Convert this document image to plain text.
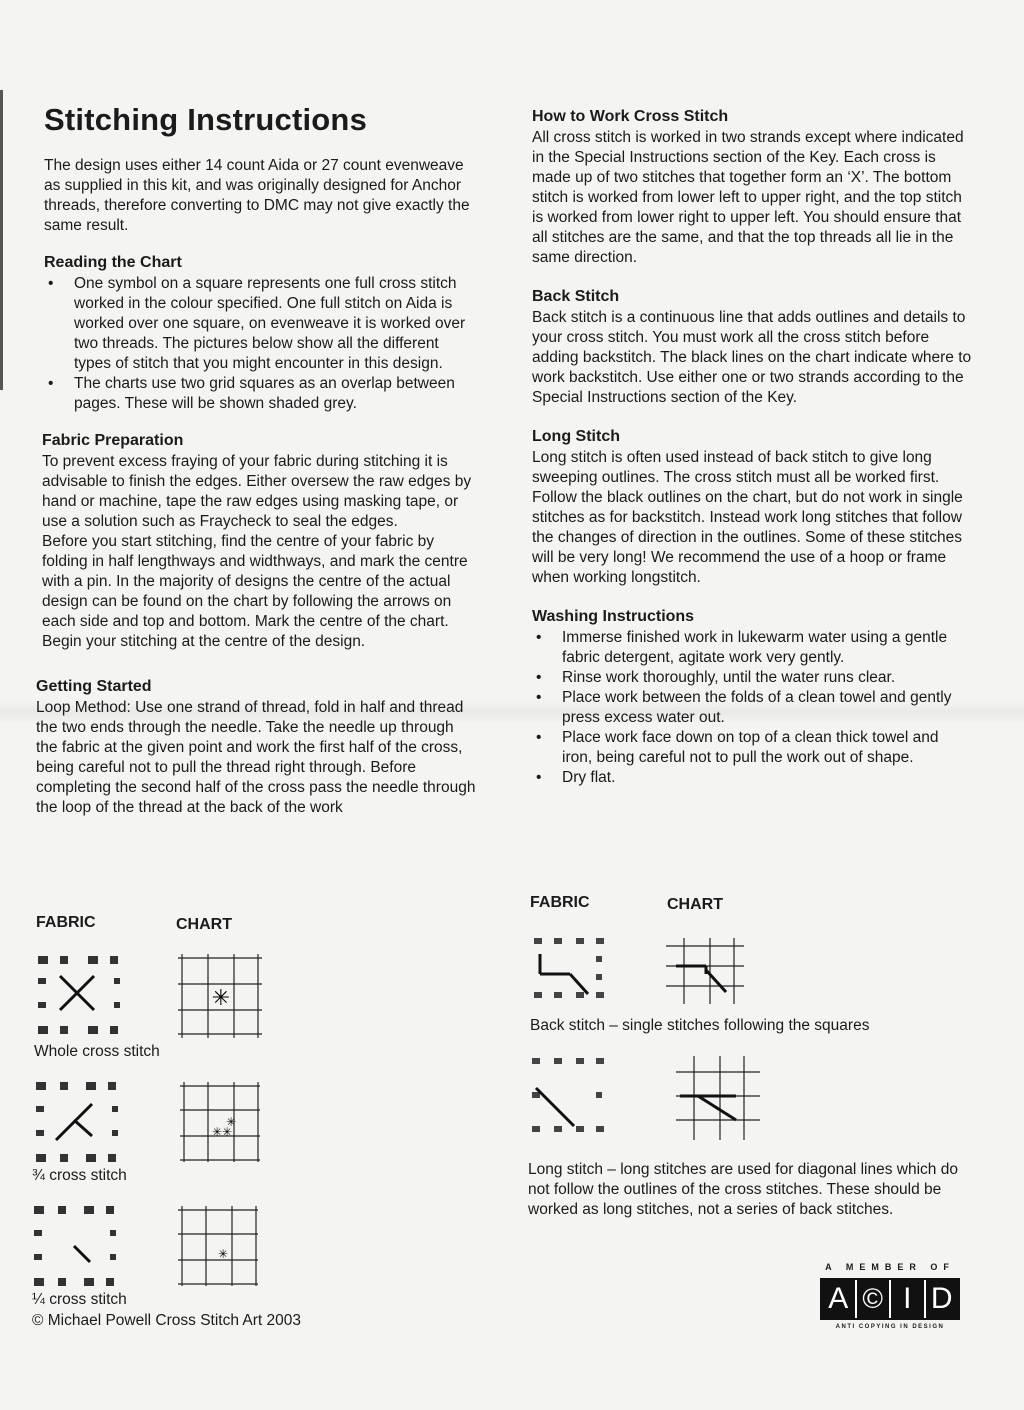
Stitching Instructions

The design uses either 14 count Aida or 27 count evenweave as supplied in this kit, and was originally designed for Anchor threads, therefore converting to DMC may not give exactly the same result.

Reading the Chart
• One symbol on a square represents one full cross stitch worked in the colour specified. One full stitch on Aida is worked over one square, on evenweave it is worked over two threads. The pictures below show all the different types of stitch that you might encounter in this design.
• The charts use two grid squares as an overlap between pages. These will be shown shaded grey.
Fabric Preparation

To prevent excess fraying of your fabric during stitching it is advisable to finish the edges. Either oversew the raw edges by hand or machine, tape the raw edges using masking tape, or use a solution such as Fraycheck to seal the edges.

Before you start stitching, find the centre of your fabric by folding in half lengthways and widthways, and mark the centre with a pin. In the majority of designs the centre of the actual design can be found on the chart by following the arrows on each side and top and bottom. Mark the centre of the chart. Begin your stitching at the centre of the design.

Getting Started

Loop Method: Use one strand of thread, fold in half and thread the two ends through the needle. Take the needle up through the fabric at the given point and work the first half of the cross, being careful not to pull the thread right through. Before completing the second half of the cross pass the needle through the loop of the thread at the back of the work

How to Work Cross Stitch

All cross stitch is worked in two strands except where indicated in the Special Instructions section of the Key. Each cross is made up of two stitches that together form an ‘X’. The bottom stitch is worked from lower left to upper right, and the top stitch is worked from lower right to upper left. You should ensure that all stitches are the same, and that the top threads all lie in the same direction.

Back Stitch

Back stitch is a continuous line that adds outlines and details to your cross stitch. You must work all the cross stitch before adding backstitch. The black lines on the chart indicate where to work backstitch. Use either one or two strands according to the Special Instructions section of the Key.

Long Stitch

Long stitch is often used instead of back stitch to give long sweeping outlines. The cross stitch must all be worked first. Follow the black outlines on the chart, but do not work in single stitches as for backstitch. Instead work long stitches that follow the changes of direction in the outlines. Some of these stitches will be very long! We recommend the use of a hoop or frame when working longstitch.

Washing Instructions
• Immerse finished work in lukewarm water using a gentle fabric detergent, agitate work very gently.
• Rinse work thoroughly, until the water runs clear.
• Place work between the folds of a clean towel and gently press excess water out.
• Place work face down on top of a clean thick towel and iron, being careful not to pull the work out of shape.
• Dry flat.
FABRIC	CHART
✳
Whole cross stitch
✳
✳✳
¾ cross stitch
✳
¼ cross stitch
© Michael Powell Cross Stitch Art 2003
FABRIC	CHART
Back stitch – single stitches following the squares
Long stitch – long stitches are used for diagonal lines which do not follow the outlines of the cross stitches. These should be worked as long stitches, not a series of back stitches.
A MEMBER OF
A © I D
ANTI COPYING IN DESIGN
